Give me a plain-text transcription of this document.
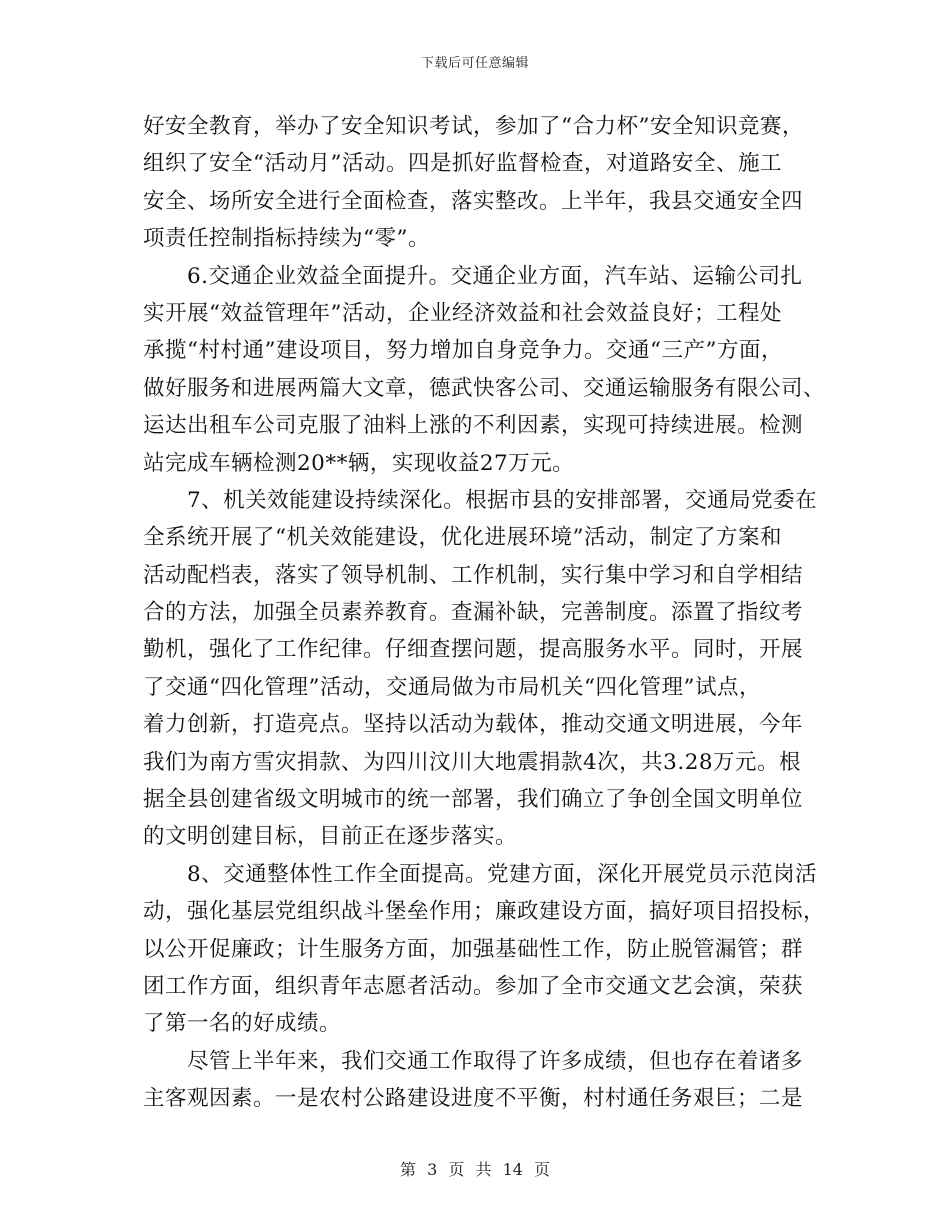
下载后可任意编辑
好安全教育，举办了安全知识考试，参加了“合力杯”安全知识竞赛，
组织了安全“活动月”活动。四是抓好监督检查，对道路安全、施工
安全、场所安全进行全面检查，落实整改。上半年，我县交通安全四
项责任控制指标持续为“零”。
6.交通企业效益全面提升。交通企业方面，汽车站、运输公司扎
实开展“效益管理年”活动，企业经济效益和社会效益良好；工程处
承揽“村村通”建设项目，努力增加自身竞争力。交通“三产”方面，
做好服务和进展两篇大文章，德武快客公司、交通运输服务有限公司、
运达出租车公司克服了油料上涨的不利因素，实现可持续进展。检测
站完成车辆检测20**辆，实现收益27万元。
7、机关效能建设持续深化。根据市县的安排部署，交通局党委在
全系统开展了“机关效能建设，优化进展环境”活动，制定了方案和
活动配档表，落实了领导机制、工作机制，实行集中学习和自学相结
合的方法，加强全员素养教育。查漏补缺，完善制度。添置了指纹考
勤机，强化了工作纪律。仔细查摆问题，提高服务水平。同时，开展
了交通“四化管理”活动，交通局做为市局机关“四化管理”试点，
着力创新，打造亮点。坚持以活动为载体，推动交通文明进展，今年
我们为南方雪灾捐款、为四川汶川大地震捐款4次，共3.28万元。根
据全县创建省级文明城市的统一部署，我们确立了争创全国文明单位
的文明创建目标，目前正在逐步落实。
8、交通整体性工作全面提高。党建方面，深化开展党员示范岗活
动，强化基层党组织战斗堡垒作用；廉政建设方面，搞好项目招投标，
以公开促廉政；计生服务方面，加强基础性工作，防止脱管漏管；群
团工作方面，组织青年志愿者活动。参加了全市交通文艺会演，荣获
了第一名的好成绩。
尽管上半年来，我们交通工作取得了许多成绩，但也存在着诸多
主客观因素。一是农村公路建设进度不平衡，村村通任务艰巨；二是
第 3 页 共 14 页
